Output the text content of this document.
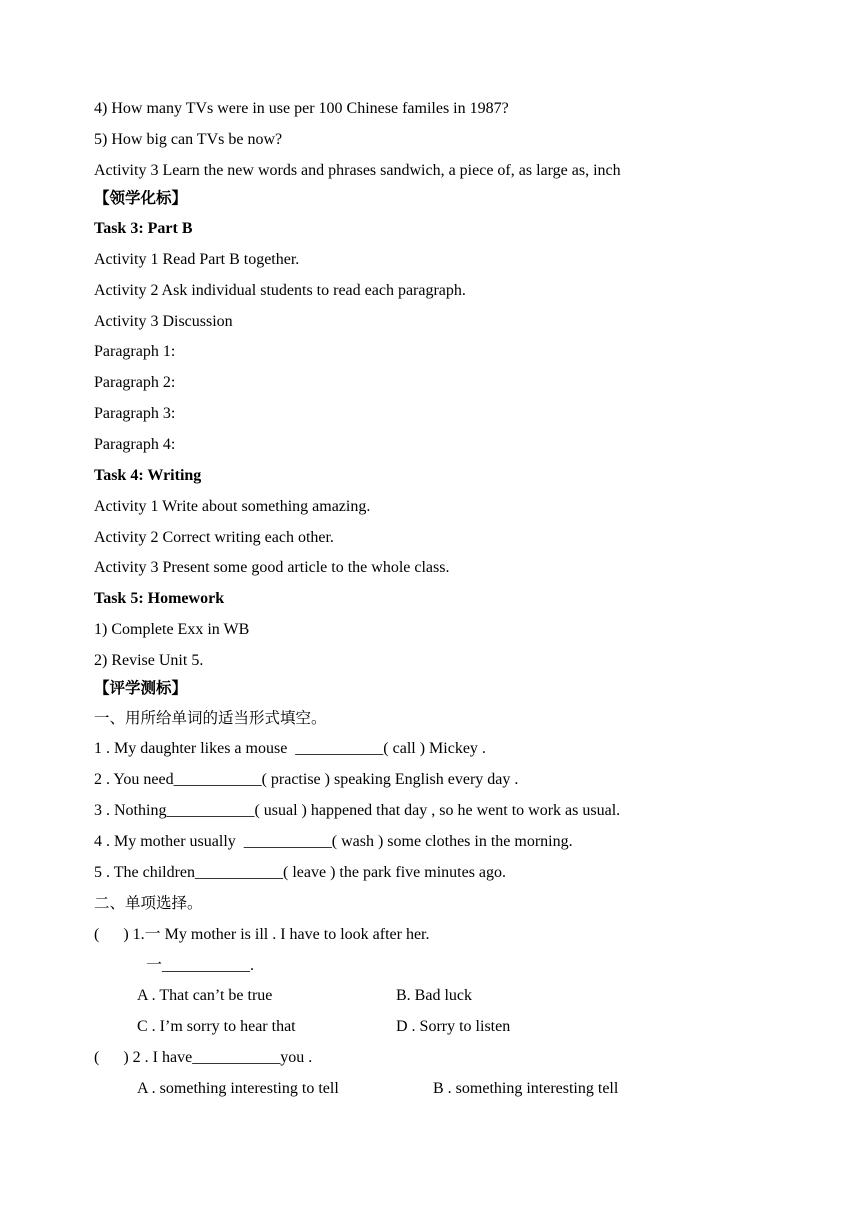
4) How many TVs were in use per 100 Chinese familes in 1987?
5) How big can TVs be now?
Activity 3 Learn the new words and phrases sandwich, a piece of, as large as, inch
【领学化标】
Task 3: Part B
Activity 1 Read Part B together.
Activity 2 Ask individual students to read each paragraph.
Activity 3 Discussion
Paragraph 1:
Paragraph 2:
Paragraph 3:
Paragraph 4:
Task 4: Writing
Activity 1 Write about something amazing.
Activity 2 Correct writing each other.
Activity 3 Present some good article to the whole class.
Task 5: Homework
1) Complete Exx in WB
2) Revise Unit 5.
【评学测标】
一、用所给单词的适当形式填空。
1 . My daughter likes a mouse  ___________( call ) Mickey .
2 . You need___________( practise ) speaking English every day .
3 . Nothing___________( usual ) happened that day , so he went to work as usual.
4 . My mother usually  ___________( wash ) some clothes in the morning.
5 . The children___________( leave ) the park five minutes ago.
二、单项选择。
(      ) 1.一 My mother is ill . I have to look after her.
一___________.
A . That can’t be true	B. Bad luck
C . I’m sorry to hear that	D . Sorry to listen
(      ) 2 . I have___________you .
A . something interesting to tell	B . something interesting tell
